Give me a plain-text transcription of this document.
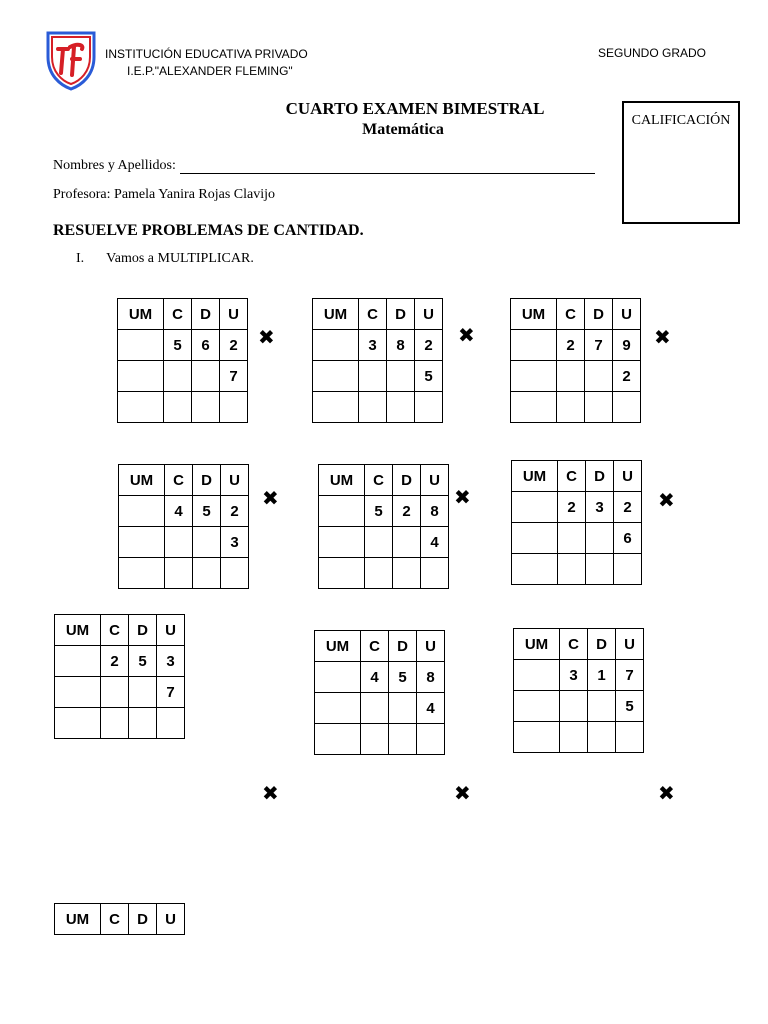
INSTITUCIÓN EDUCATIVA PRIVADO
I.E.P."ALEXANDER FLEMING"
SEGUNDO GRADO
CUARTO EXAMEN BIMESTRAL
Matemática
CALIFICACIÓN
Nombres y Apellidos:
Profesora: Pamela Yanira Rojas Clavijo
RESUELVE PROBLEMAS DE CANTIDAD.
I. Vamos a MULTIPLICAR.
UM	C	D	U
	5	6	2
			7

✖
UM	C	D	U
	3	8	2
			5

✖
UM	C	D	U
	2	7	9
			2

✖
UM	C	D	U
	4	5	2
			3

✖
UM	C	D	U
	5	2	8
			4

✖
UM	C	D	U
	2	3	2
			6

✖
UM	C	D	U
	2	5	3
			7

✖
UM	C	D	U
	4	5	8
			4

✖
UM	C	D	U
	3	1	7
			5

✖
UM	C	D	U
